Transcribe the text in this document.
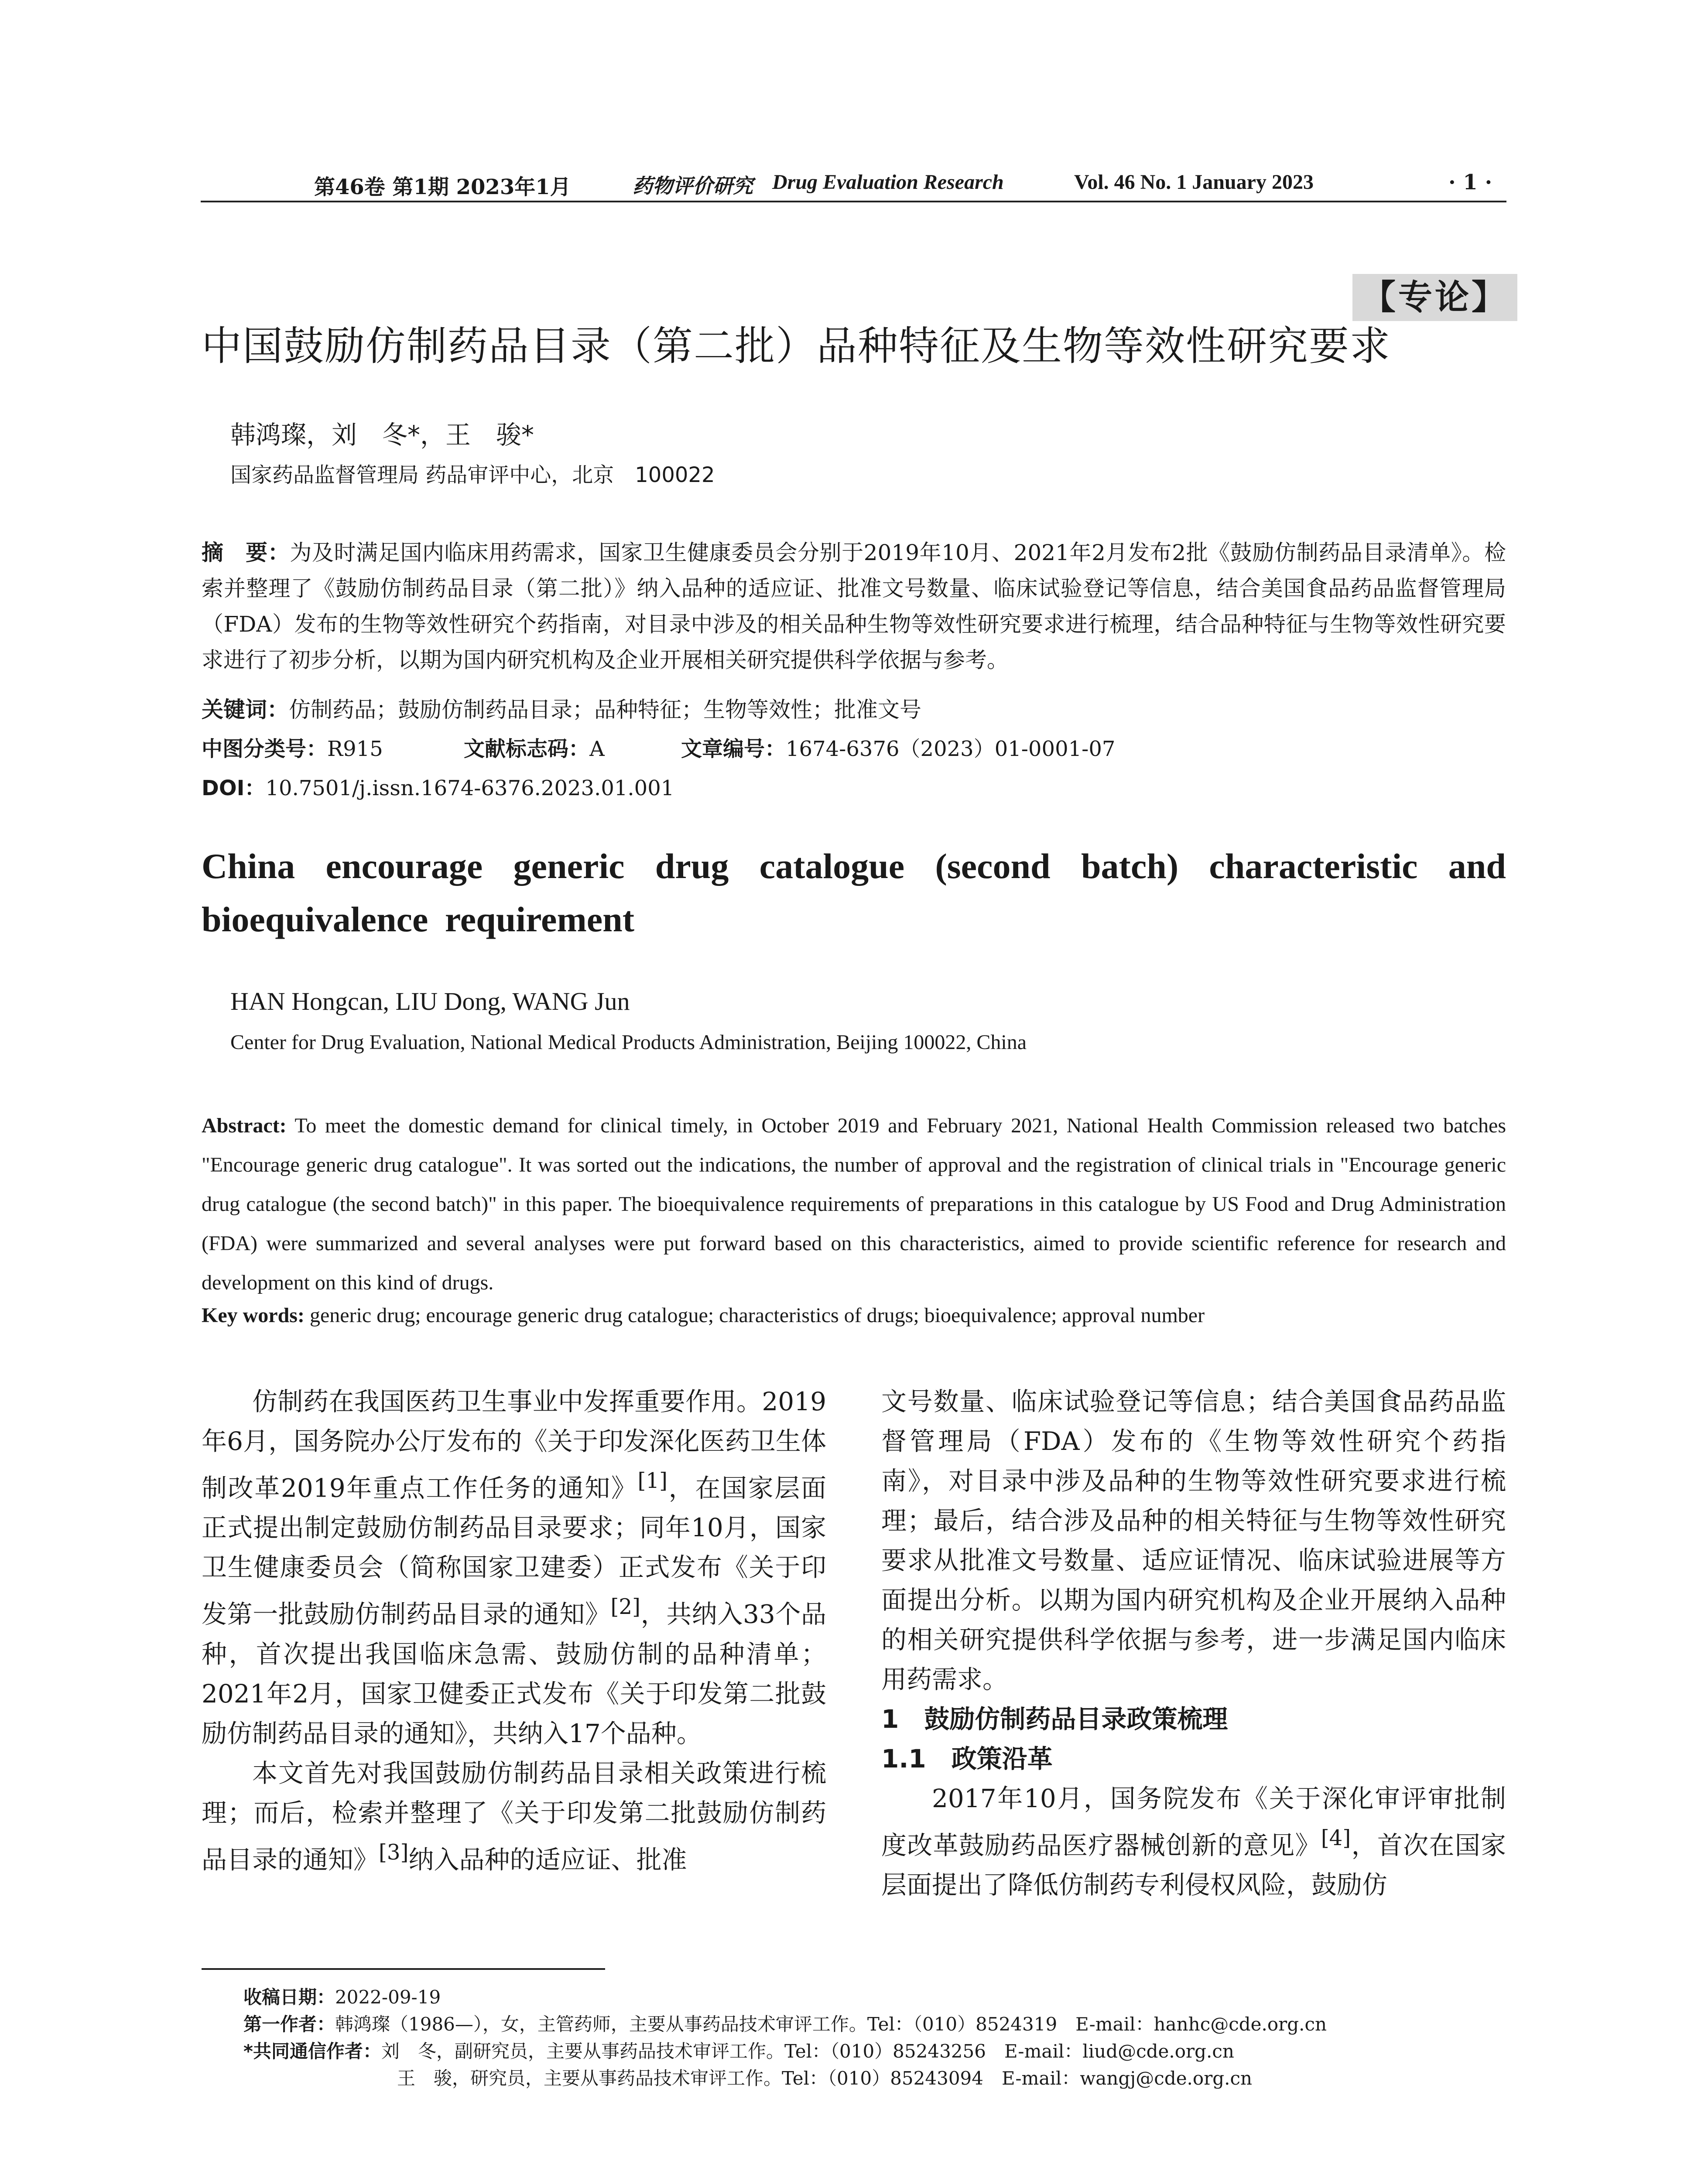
第46卷 第1期 2023年1月	药物评价研究 Drug Evaluation Research	Vol. 46 No. 1 January 2023	· 1 ·
【专论】
中国鼓励仿制药品目录（第二批）品种特征及生物等效性研究要求
韩鸿璨，刘　冬*，王　骏*
国家药品监督管理局 药品审评中心，北京　100022
摘　要：为及时满足国内临床用药需求，国家卫生健康委员会分别于2019年10月、2021年2月发布2批《鼓励仿制药品目录清单》。检索并整理了《鼓励仿制药品目录（第二批）》纳入品种的适应证、批准文号数量、临床试验登记等信息，结合美国食品药品监督管理局（FDA）发布的生物等效性研究个药指南，对目录中涉及的相关品种生物等效性研究要求进行梳理，结合品种特征与生物等效性研究要求进行了初步分析，以期为国内研究机构及企业开展相关研究提供科学依据与参考。
关键词：仿制药品；鼓励仿制药品目录；品种特征；生物等效性；批准文号
中图分类号：R915	文献标志码：A	文章编号：1674-6376（2023）01-0001-07
DOI：10.7501/j.issn.1674-6376.2023.01.001
China encourage generic drug catalogue (second batch) characteristic and bioequivalence requirement
HAN Hongcan, LIU Dong, WANG Jun
Center for Drug Evaluation, National Medical Products Administration, Beijing 100022, China
Abstract: To meet the domestic demand for clinical timely, in October 2019 and February 2021, National Health Commission released two batches "Encourage generic drug catalogue". It was sorted out the indications, the number of approval and the registration of clinical trials in "Encourage generic drug catalogue (the second batch)" in this paper. The bioequivalence requirements of preparations in this catalogue by US Food and Drug Administration (FDA) were summarized and several analyses were put forward based on this characteristics, aimed to provide scientific reference for research and development on this kind of drugs.
Key words: generic drug; encourage generic drug catalogue; characteristics of drugs; bioequivalence; approval number

仿制药在我国医药卫生事业中发挥重要作用。2019年6月，国务院办公厅发布的《关于印发深化医药卫生体制改革2019年重点工作任务的通知》[1]，在国家层面正式提出制定鼓励仿制药品目录要求；同年10月，国家卫生健康委员会（简称国家卫建委）正式发布《关于印发第一批鼓励仿制药品目录的通知》[2]，共纳入33个品种，首次提出我国临床急需、鼓励仿制的品种清单；2021年2月，国家卫健委正式发布《关于印发第二批鼓励仿制药品目录的通知》，共纳入17个品种。

本文首先对我国鼓励仿制药品目录相关政策进行梳理；而后，检索并整理了《关于印发第二批鼓励仿制药品目录的通知》[3]纳入品种的适应证、批准

文号数量、临床试验登记等信息；结合美国食品药品监督管理局（FDA）发布的《生物等效性研究个药指南》，对目录中涉及品种的生物等效性研究要求进行梳理；最后，结合涉及品种的相关特征与生物等效性研究要求从批准文号数量、适应证情况、临床试验进展等方面提出分析。以期为国内研究机构及企业开展纳入品种的相关研究提供科学依据与参考，进一步满足国内临床用药需求。

1　鼓励仿制药品目录政策梳理
1.1　政策沿革

2017年10月，国务院发布《关于深化审评审批制度改革鼓励药品医疗器械创新的意见》[4]，首次在国家层面提出了降低仿制药专利侵权风险，鼓励仿

收稿日期：2022-09-19
第一作者：韩鸿璨（1986—），女，主管药师，主要从事药品技术审评工作。Tel：（010）8524319　E-mail：hanhc@cde.org.cn
*共同通信作者：刘　冬，副研究员，主要从事药品技术审评工作。Tel：（010）85243256　E-mail：liud@cde.org.cn
王　骏，研究员，主要从事药品技术审评工作。Tel：（010）85243094　E-mail：wangj@cde.org.cn
